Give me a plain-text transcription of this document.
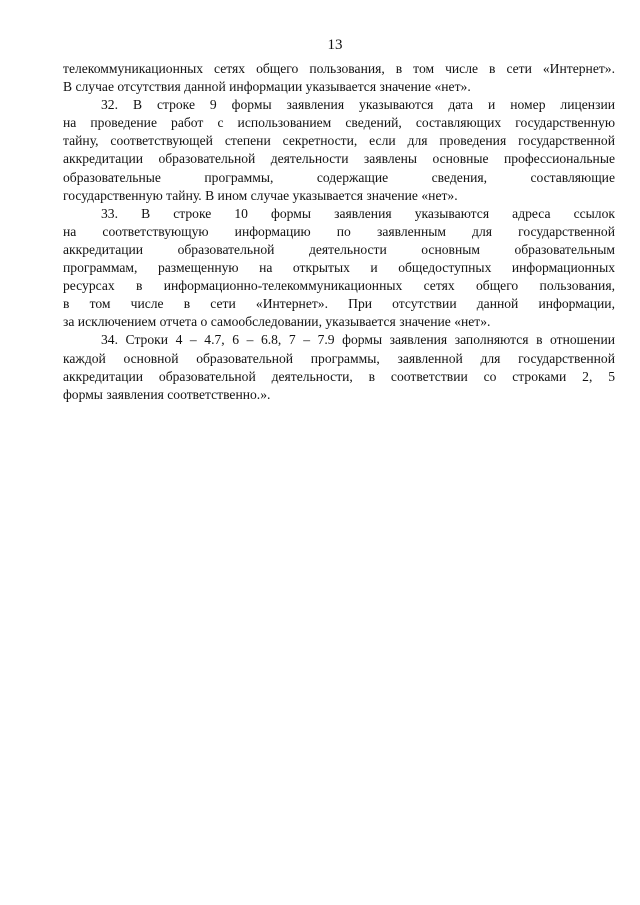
13
телекоммуникационных сетях общего пользования, в том числе в сети «Интернет».
В случае отсутствия данной информации указывается значение «нет».
32. В строке 9 формы заявления указываются дата и номер лицензии
на проведение работ с использованием сведений, составляющих государственную
тайну, соответствующей степени секретности, если для проведения государственной
аккредитации образовательной деятельности заявлены основные профессиональные
образовательные программы, содержащие сведения, составляющие
государственную тайну. В ином случае указывается значение «нет».
33. В строке 10 формы заявления указываются адреса ссылок
на соответствующую информацию по заявленным для государственной
аккредитации образовательной деятельности основным образовательным
программам, размещенную на открытых и общедоступных информационных
ресурсах в информационно-телекоммуникационных сетях общего пользования,
в том числе в сети «Интернет». При отсутствии данной информации,
за исключением отчета о самообследовании, указывается значение «нет».
34. Строки 4 – 4.7, 6 – 6.8, 7 – 7.9 формы заявления заполняются в отношении
каждой основной образовательной программы, заявленной для государственной
аккредитации образовательной деятельности, в соответствии со строками 2, 5
формы заявления соответственно.».
